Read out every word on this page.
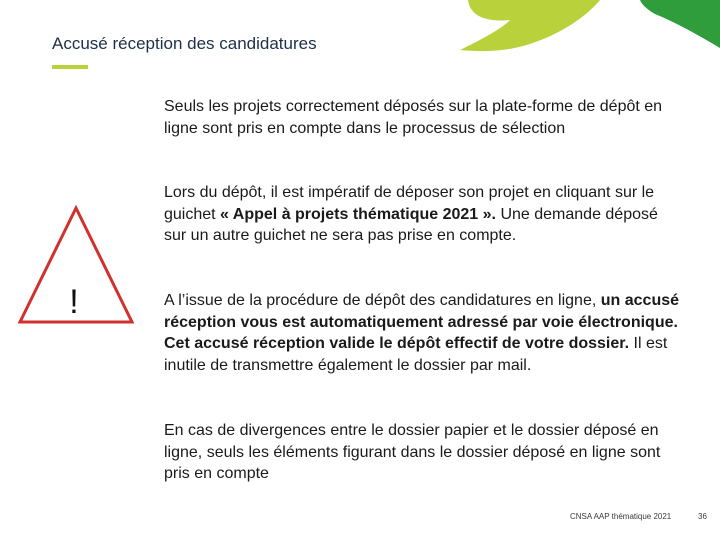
Accusé réception des candidatures
!
Seuls les projets correctement déposés sur la plate-forme de dépôt en ligne sont pris en compte dans le processus de sélection
Lors du dépôt, il est impératif de déposer son projet en cliquant sur le guichet « Appel à projets thématique 2021 ». Une demande déposé sur un autre guichet ne sera pas prise en compte.
A l’issue de la procédure de dépôt des candidatures en ligne, un accusé réception vous est automatiquement adressé par voie électronique. Cet accusé réception valide le dépôt effectif de votre dossier. Il est inutile de transmettre également le dossier par mail.
En cas de divergences entre le dossier papier et le dossier déposé en ligne, seuls les éléments figurant dans le dossier déposé en ligne sont pris en compte
CNSA AAP thématique 2021	36
